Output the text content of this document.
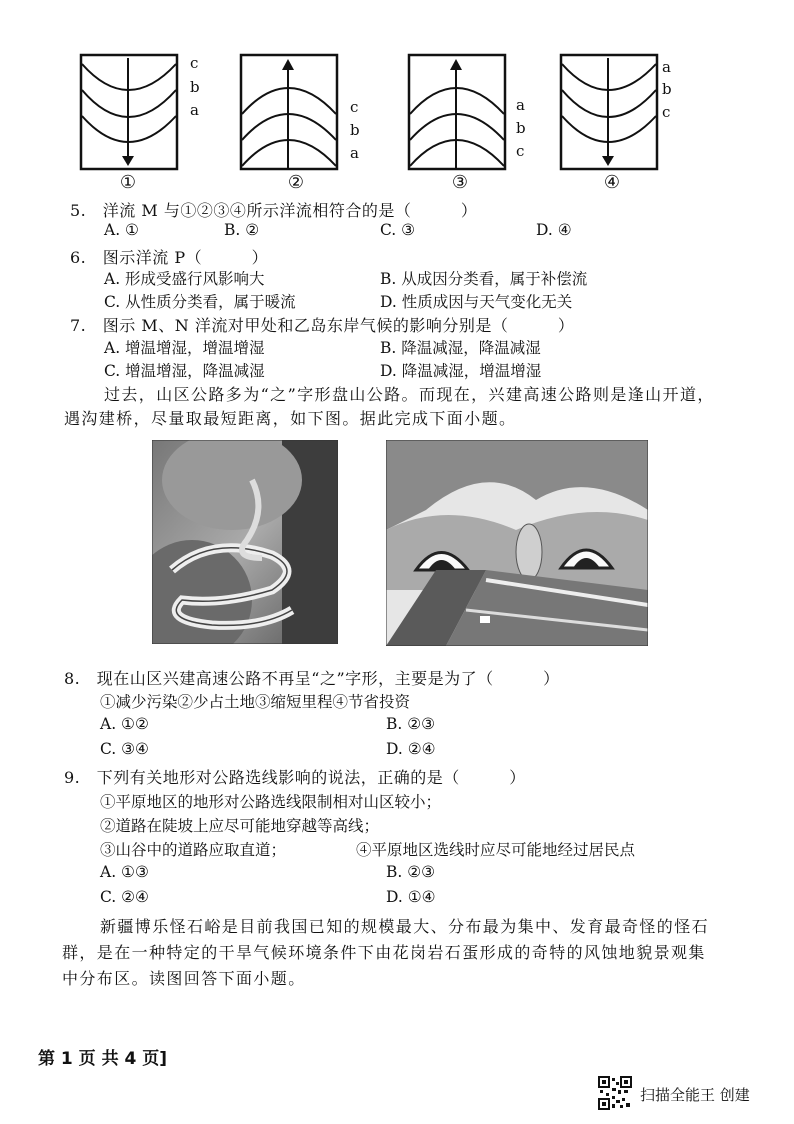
c
b
a
①
c
b
a
②
a
b
c
③
a
b
c
④
5.　洋流 M 与①②③④所示洋流相符合的是（　　　）
A. ①	B. ②	C. ③	D. ④
6.　图示洋流 P（　　　）
A. 形成受盛行风影响大	B. 从成因分类看，属于补偿流
C. 从性质分类看，属于暖流	D. 性质成因与天气变化无关
7.　图示 M、N 洋流对甲处和乙岛东岸气候的影响分别是（　　　）
A. 增温增湿，增温增湿	B. 降温减湿，降温减湿
C. 增温增湿，降温减湿	D. 降温减湿，增温增湿
过去，山区公路多为“之”字形盘山公路。而现在，兴建高速公路则是逢山开道，
遇沟建桥，尽量取最短距离，如下图。据此完成下面小题。
8.　现在山区兴建高速公路不再呈“之”字形，主要是为了（　　　）
①减少污染②少占土地③缩短里程④节省投资
A. ①②	B. ②③
C. ③④	D. ②④
9.　下列有关地形对公路选线影响的说法，正确的是（　　　）
①平原地区的地形对公路选线限制相对山区较小；
②道路在陡坡上应尽可能地穿越等高线；
③山谷中的道路应取直道；	④平原地区选线时应尽可能地经过居民点
A. ①③	B. ②③
C. ②④	D. ①④
新疆博乐怪石峪是目前我国已知的规模最大、分布最为集中、发育最奇怪的怪石
群，是在一种特定的干旱气候环境条件下由花岗岩石蛋形成的奇特的风蚀地貌景观集
中分布区。读图回答下面小题。
第 1 页 共 4 页]
扫描全能王 创建
